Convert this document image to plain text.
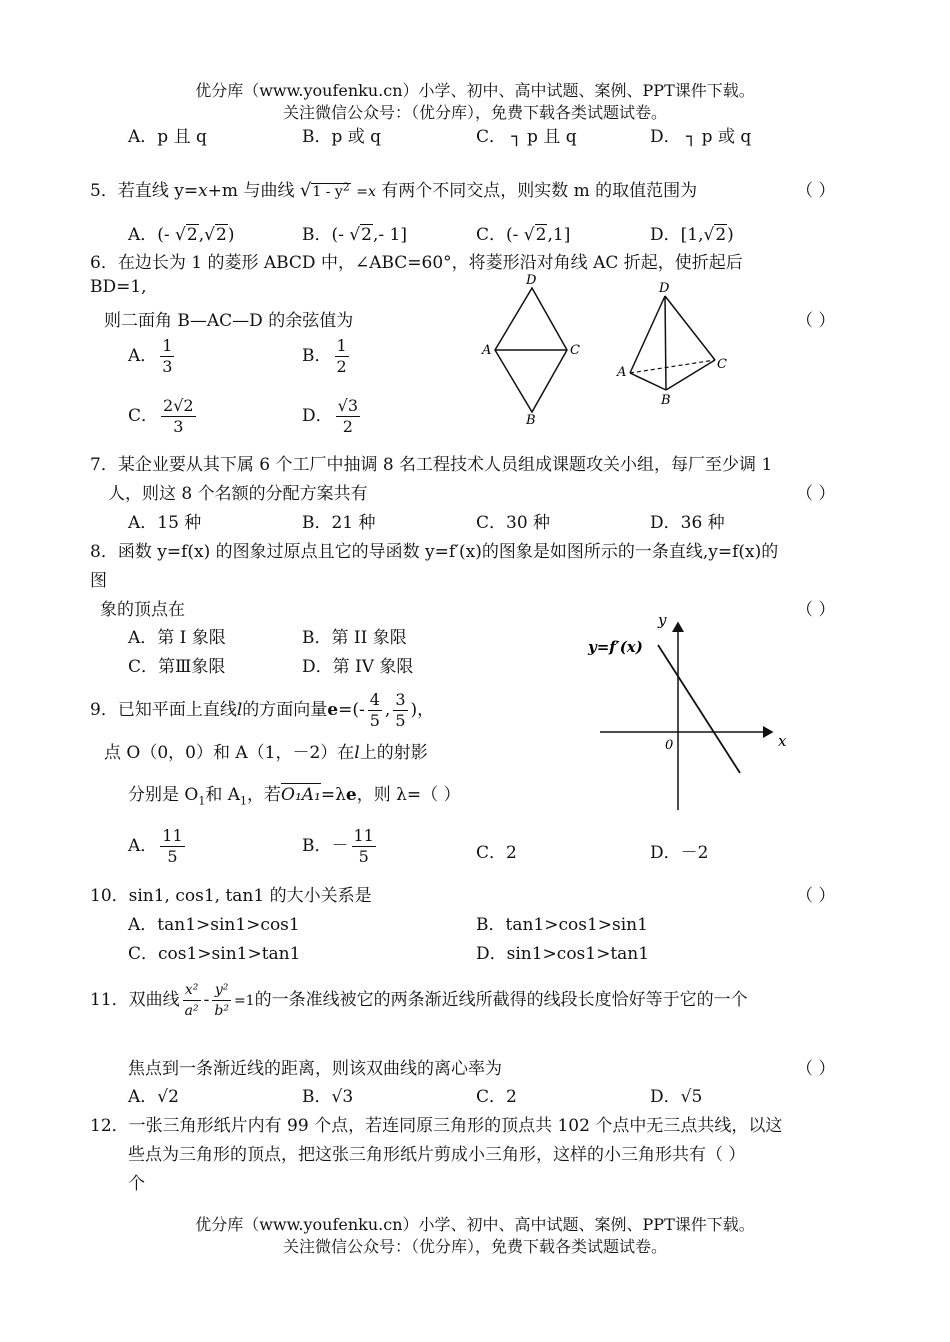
优分库（www.youfenku.cn）小学、初中、高中试题、案例、PPT课件下载。
关注微信公众号：（优分库），免费下载各类试题试卷。
A．p 且 q	B．p 或 q	C． ┐ p 且 q	D． ┐ p 或 q
5．若直线 y=x+m 与曲线 $√1 - y^2 =x$ 有两个不同交点，则实数 m 的取值范围为	（ ）
A．(- √2,√2)	B．(- √2,- 1]	C．(- √2,1]	D．[1,√2)
6．在边长为 1 的菱形 ABCD 中，∠ABC=60°，将菱形沿对角线 AC 折起，使折起后
BD=1,
则二面角 B—AC—D 的余弦值为	（ ）
A． $\frac{1}{3}$	B． $\frac{1}{2}$
C． $\frac{2√2}{3}$	D． $\frac{√3}{2}$
D
A	C
B
D
A
C
B
7．某企业要从其下属 6 个工厂中抽调 8 名工程技术人员组成课题攻关小组，每厂至少调 1
人，则这 8 个名额的分配方案共有	（ ）
A．15 种	B．21 种	C．30 种	D．36 种
8．函数 y=f(x) 的图象过原点且它的导函数 y=f′(x)的图象是如图所示的一条直线,y=f(x)的
图
象的顶点在	（ ）
A．第 I 象限	B．第 II 象限
C．第Ⅲ象限	D．第 IV 象限
y=f′(x)
y
x
0
9．已知平面上直线l的方面向量$e=(- \frac{4}{5}$ , $\frac{3}{5}$ )，
点 O（0，0）和 A（1，－2）在l上的射影
分别是 $O_1$和 $A_1$，若O₁A₁=λe，则 λ=（ ）
A． $\frac{11}{5}$	B．－ $\frac{11}{5}$	C．2	D．－2
10．sin1, cos1, tan1 的大小关系是	（ ）
A．tan1>sin1>cos1	B．tan1>cos1>sin1
C．cos1>sin1>tan1	D．sin1>cos1>tan1
11．双曲线 $\frac{\text{x²}}{\text{a²}} - \frac{\text{y²}}{\text{b²}} =1$的一条准线被它的两条渐近线所截得的线段长度恰好等于它的一个
焦点到一条渐近线的距离，则该双曲线的离心率为	（ ）
A．√2	B．√3	C．2	D．√5
12．一张三角形纸片内有 99 个点，若连同原三角形的顶点共 102 个点中无三点共线，以这
些点为三角形的顶点，把这张三角形纸片剪成小三角形，这样的小三角形共有（ ）
个
优分库（www.youfenku.cn）小学、初中、高中试题、案例、PPT课件下载。
关注微信公众号：（优分库），免费下载各类试题试卷。
